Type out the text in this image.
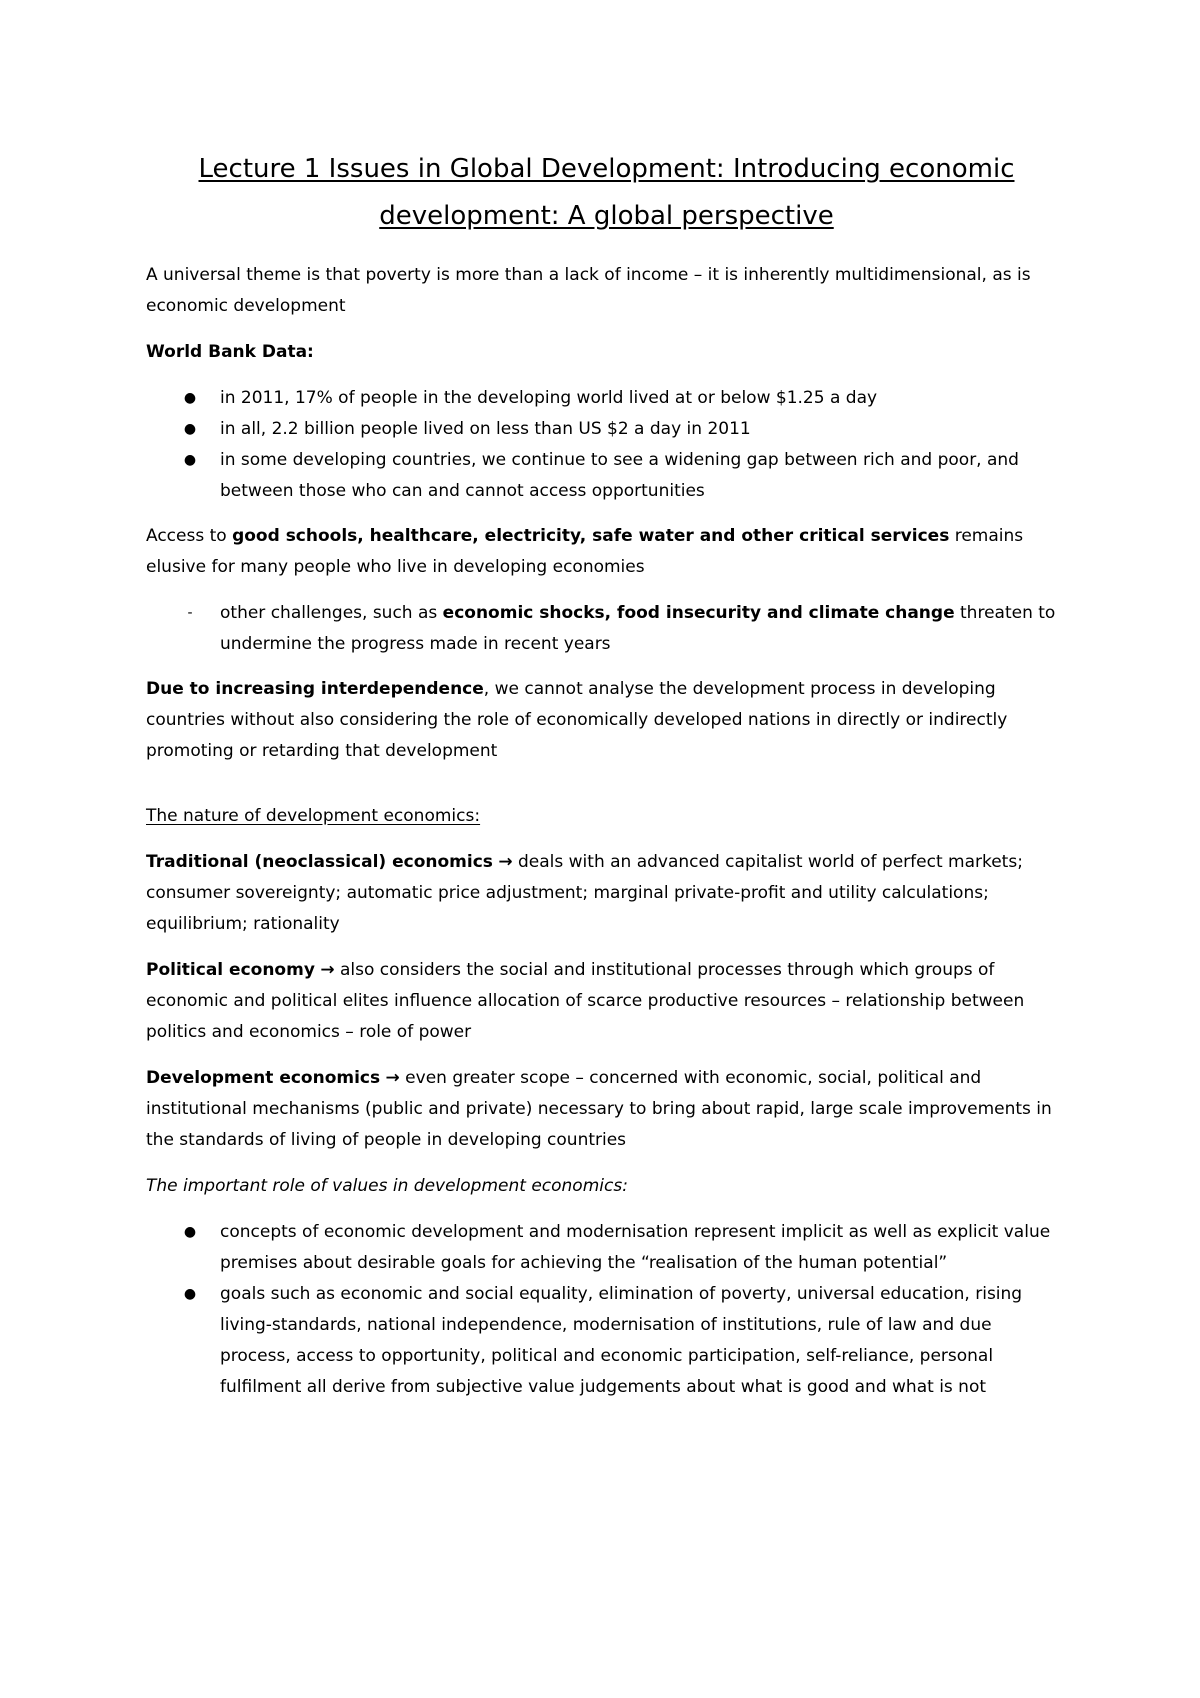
Lecture 1 Issues in Global Development: Introducing economic
development: A global perspective

A universal theme is that poverty is more than a lack of income – it is inherently multidimensional, as is economic development

World Bank Data:

● in 2011, 17% of people in the developing world lived at or below $1.25 a day
● in all, 2.2 billion people lived on less than US $2 a day in 2011
● in some developing countries, we continue to see a widening gap between rich and poor, and between those who can and cannot access opportunities

Access to good schools, healthcare, electricity, safe water and other critical services remains elusive for many people who live in developing economies

- other challenges, such as economic shocks, food insecurity and climate change threaten to undermine the progress made in recent years

Due to increasing interdependence, we cannot analyse the development process in developing countries without also considering the role of economically developed nations in directly or indirectly promoting or retarding that development

The nature of development economics:

Traditional (neoclassical) economics → deals with an advanced capitalist world of perfect markets; consumer sovereignty; automatic price adjustment; marginal private-profit and utility calculations; equilibrium; rationality

Political economy → also considers the social and institutional processes through which groups of economic and political elites influence allocation of scarce productive resources – relationship between politics and economics – role of power

Development economics → even greater scope – concerned with economic, social, political and institutional mechanisms (public and private) necessary to bring about rapid, large scale improvements in the standards of living of people in developing countries

The important role of values in development economics:

● concepts of economic development and modernisation represent implicit as well as explicit value premises about desirable goals for achieving the “realisation of the human potential”
● goals such as economic and social equality, elimination of poverty, universal education, rising living-standards, national independence, modernisation of institutions, rule of law and due process, access to opportunity, political and economic participation, self-reliance, personal fulfilment all derive from subjective value judgements about what is good and what is not
